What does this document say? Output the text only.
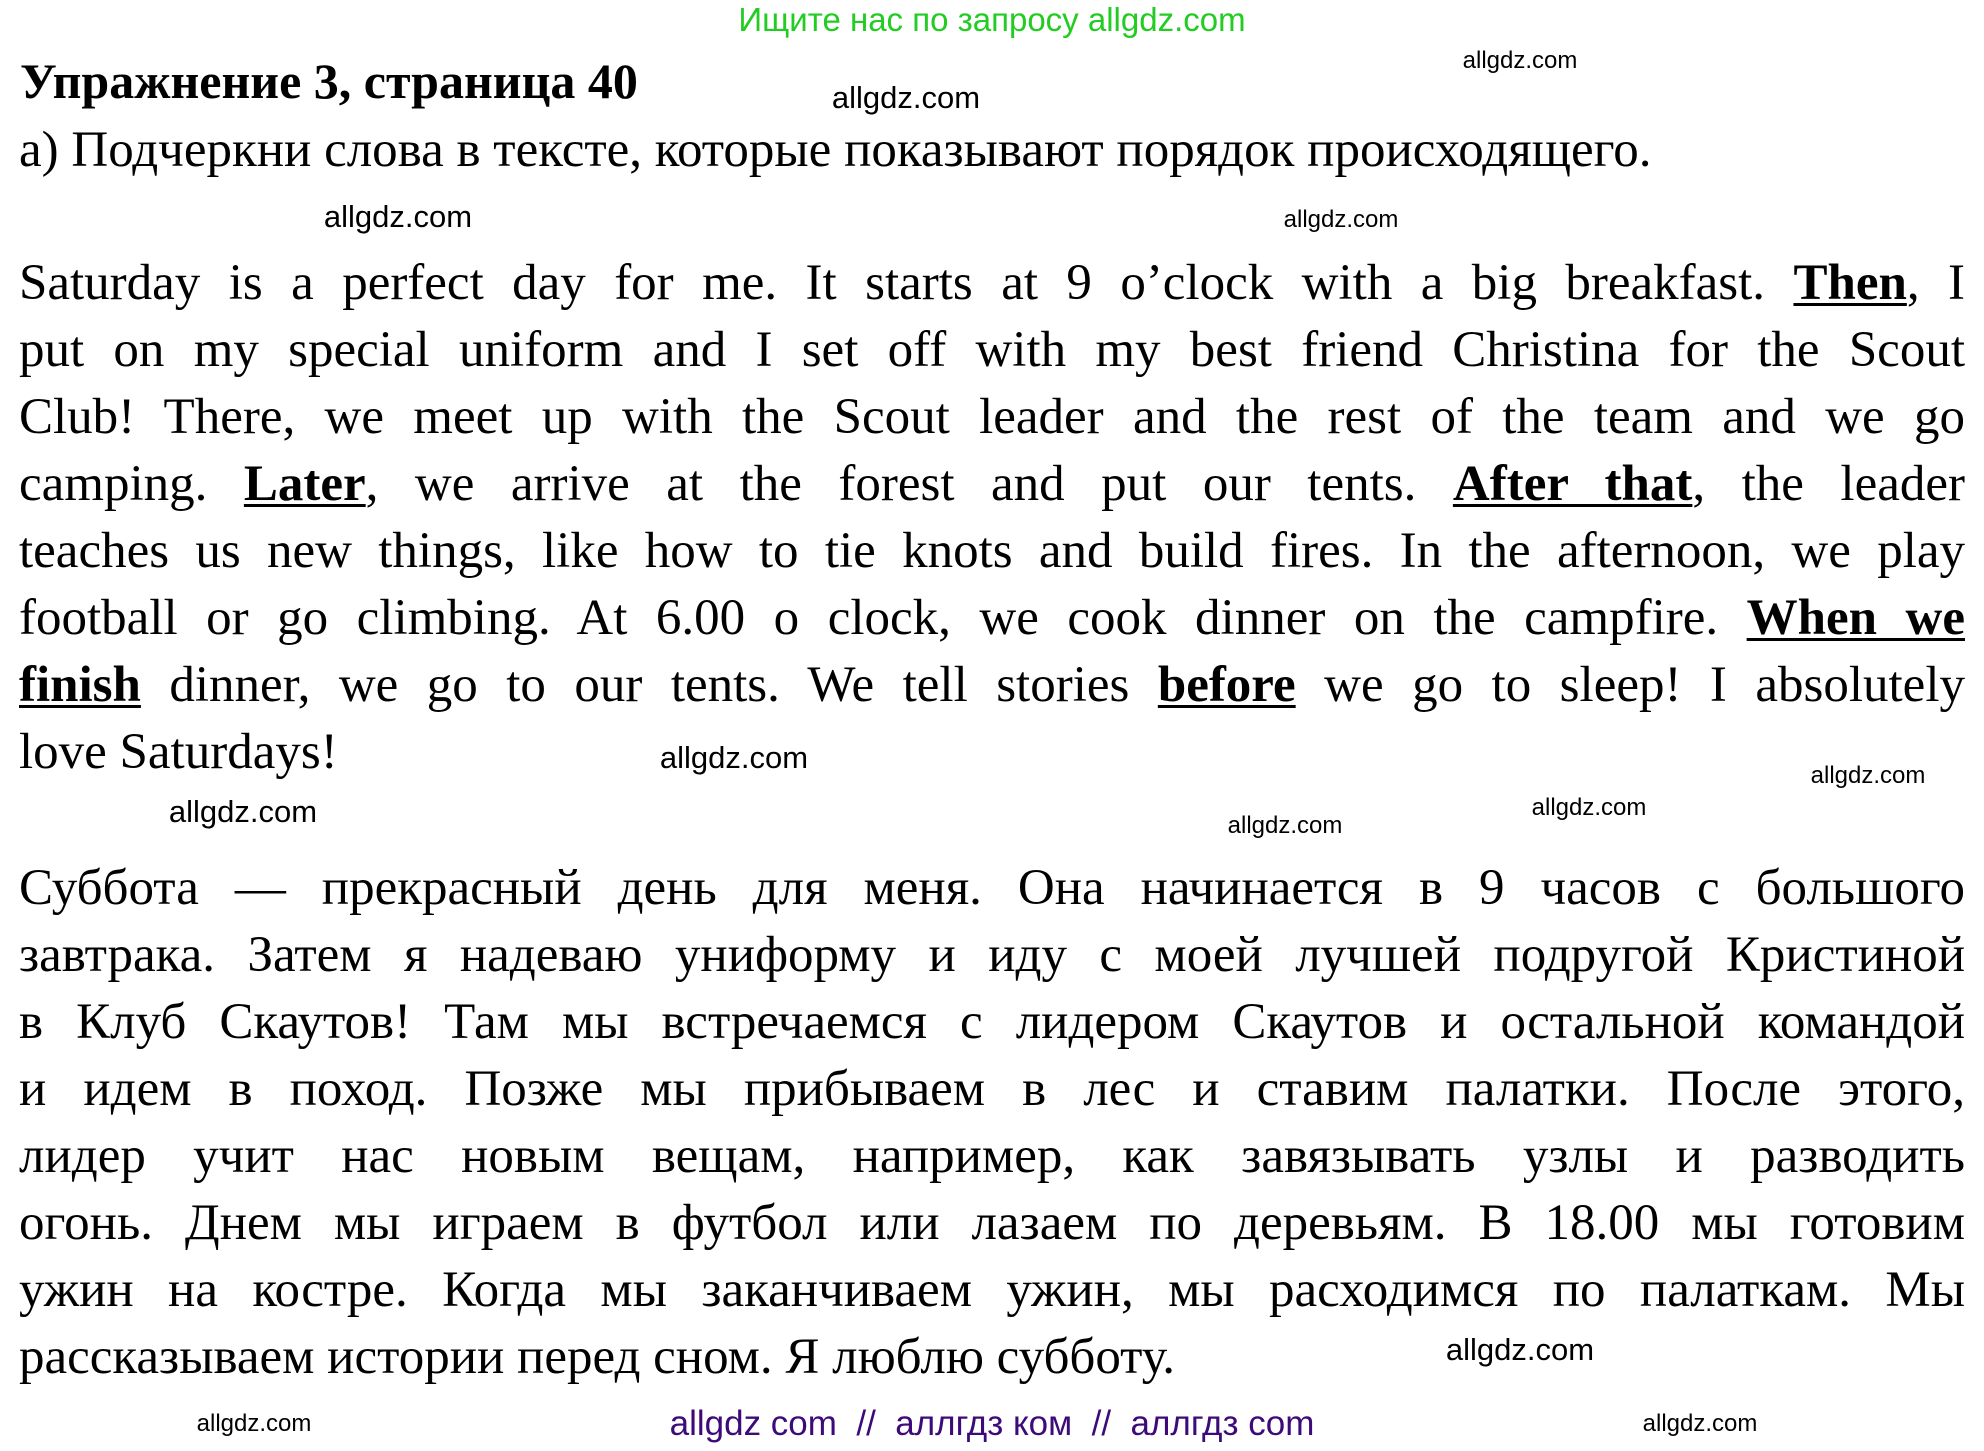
Ищите нас по запросу allgdz.com
Упражнение 3, страница 40
a) Подчеркни слова в тексте, которые показывают порядок происходящего.
Saturday is a perfect day for me. It starts at 9 o’clock with a big breakfast. Then, I
put on my special uniform and I set off with my best friend Christina for the Scout
Club! There, we meet up with the Scout leader and the rest of the team and we go
camping. Later, we arrive at the forest and put our tents. After that, the leader
teaches us new things, like how to tie knots and build fires. In the afternoon, we play
football or go climbing. At 6.00 o clock, we cook dinner on the campfire. When we
finish dinner, we go to our tents. We tell stories before we go to sleep! I absolutely
love Saturdays!
Суббота — прекрасный день для меня. Она начинается в 9 часов с большого
завтрака. Затем я надеваю униформу и иду с моей лучшей подругой Кристиной
в Клуб Скаутов! Там мы встречаемся с лидером Скаутов и остальной командой
и идем в поход. Позже мы прибываем в лес и ставим палатки. После этого,
лидер учит нас новым вещам, например, как завязывать узлы и разводить
огонь. Днем мы играем в футбол или лазаем по деревьям. В 18.00 мы готовим
ужин на костре. Когда мы заканчиваем ужин, мы расходимся по палаткам. Мы
рассказываем истории перед сном. Я люблю субботу.
allgdz.com
allgdz.com
allgdz.com	allgdz.com
allgdz.com
allgdz.com	allgdz.com
allgdz.com
allgdz.com
allgdz.com	allgdz.com
allgdz.com
allgdz com  //  аллгдз ком  //  аллгдз com
